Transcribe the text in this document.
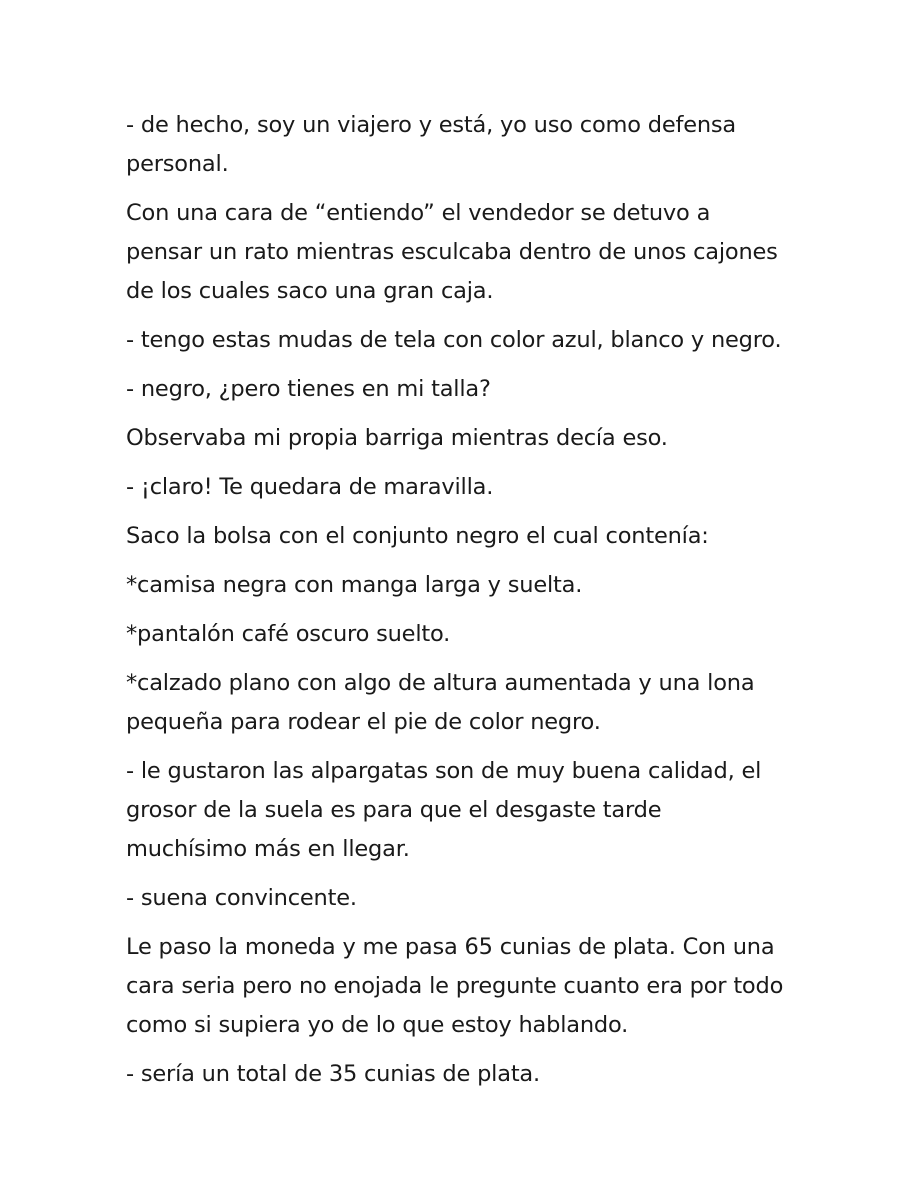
- de hecho, soy un viajero y está, yo uso como defensa personal.

Con una cara de “entiendo” el vendedor se detuvo a pensar un rato mientras esculcaba dentro de unos cajones de los cuales saco una gran caja.

- tengo estas mudas de tela con color azul, blanco y negro.

- negro, ¿pero tienes en mi talla?

Observaba mi propia barriga mientras decía eso.

- ¡claro! Te quedara de maravilla.

Saco la bolsa con el conjunto negro el cual contenía:

*camisa negra con manga larga y suelta.

*pantalón café oscuro suelto.

*calzado plano con algo de altura aumentada y una lona pequeña para rodear el pie de color negro.

- le gustaron las alpargatas son de muy buena calidad, el grosor de la suela es para que el desgaste tarde muchísimo más en llegar.

- suena convincente.

Le paso la moneda y me pasa 65 cunias de plata. Con una cara seria pero no enojada le pregunte cuanto era por todo como si supiera yo de lo que estoy hablando.

- sería un total de 35 cunias de plata.
